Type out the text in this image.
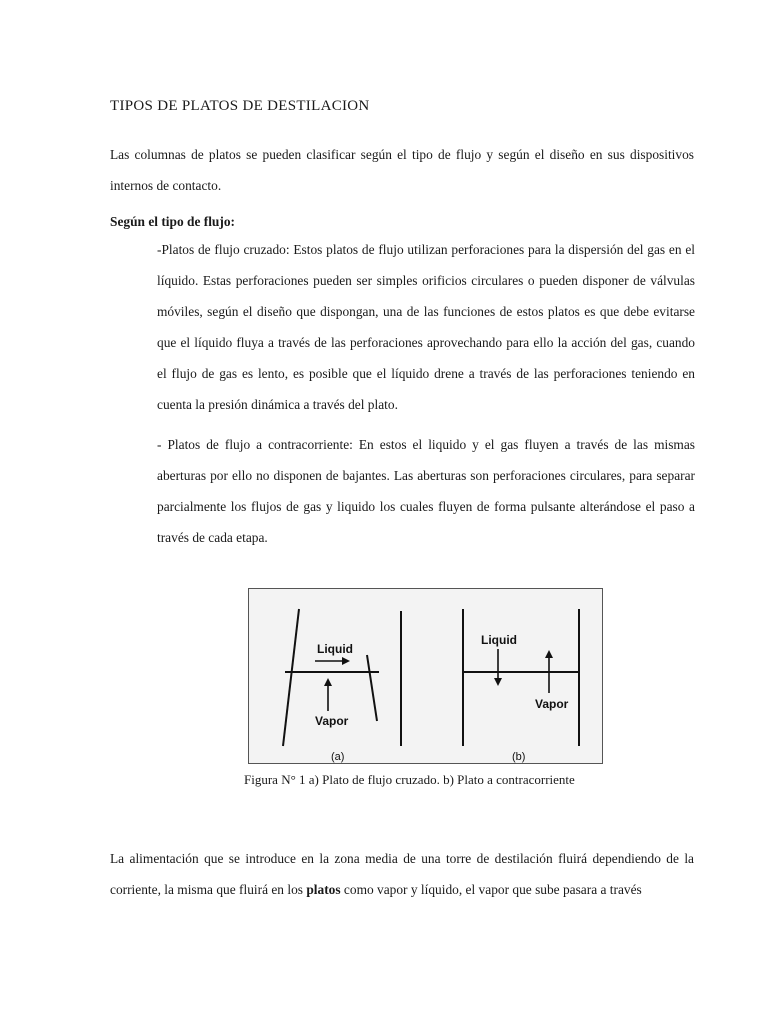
TIPOS DE PLATOS DE DESTILACION
Las columnas de platos se pueden clasificar según el tipo de flujo y según el diseño en sus dispositivos internos de contacto.
Según el tipo de flujo:
-Platos de flujo cruzado: Estos platos de flujo utilizan perforaciones para la dispersión del gas en el líquido. Estas perforaciones pueden ser simples orificios circulares o pueden disponer de válvulas móviles, según el diseño que dispongan, una de las funciones de estos platos es que debe evitarse que el líquido fluya a través de las perforaciones aprovechando para ello la acción del gas, cuando el flujo de gas es lento, es posible que el líquido drene a través de las perforaciones teniendo en cuenta la presión dinámica a través del plato.
- Platos de flujo a contracorriente: En estos el liquido y el gas fluyen a través de las mismas aberturas por ello no disponen de bajantes. Las aberturas son perforaciones circulares, para separar parcialmente los flujos de gas y liquido los cuales fluyen de forma pulsante alterándose el paso a través de cada etapa.
Liquid
Vapor
(a)
Liquid
Vapor
(b)
Figura N° 1 a) Plato de flujo cruzado. b) Plato a contracorriente
La alimentación que se introduce en la zona media de una torre de destilación fluirá dependiendo de la corriente, la misma que fluirá en los platos como vapor y líquido, el vapor que sube pasara a través
